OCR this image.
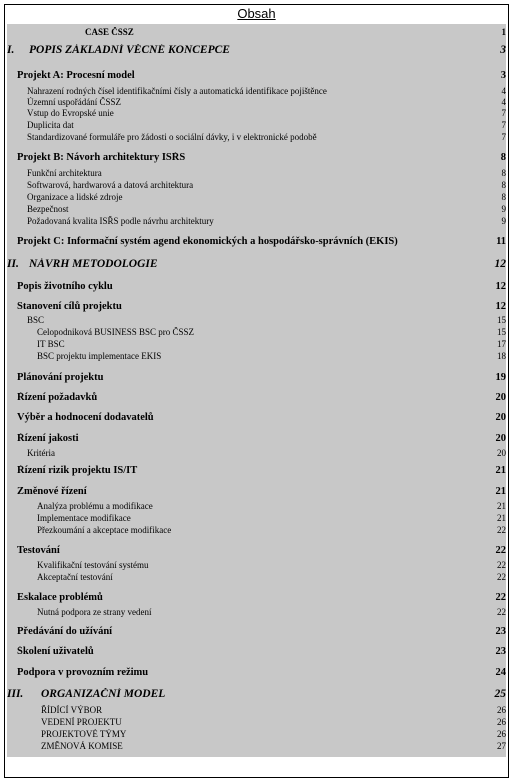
Obsah
CASE ČSSZ	1
I. POPIS ZÁKLADNÍ VĚCNÉ KONCEPCE	3
Projekt A: Procesní model	3
Nahrazení rodných čísel identifikačními čísly a automatická identifikace pojištěnce	4
Územní uspořádání ČSSZ	4
Vstup do Evropské unie	7
Duplicita dat	7
Standardizované formuláře pro žádosti o sociální dávky, i v elektronické podobě	7
Projekt B: Návorh architektury ISŘS	8
Funkční architektura	8
Softwarová, hardwarová a datová architektura	8
Organizace a lidské zdroje	8
Bezpečnost	9
Požadovaná kvalita ISŘS podle návrhu architektury	9
Projekt C: Informační systém agend ekonomických a hospodářsko-správních (EKIS)	11
II. NÁVRH METODOLOGIE	12
Popis životního cyklu	12
Stanovení cílů projektu	12
BSC	15
Celopodniková BUSINESS BSC pro ČSSZ	15
IT BSC	17
BSC projektu implementace EKIS	18
Plánování projektu	19
Řízení požadavků	20
Výběr a hodnocení dodavatelů	20
Řízení jakosti	20
Kritéria	20
Řízení rizik projektu IS/IT	21
Změnové řízení	21
Analýza problému a modifikace	21
Implementace modifikace	21
Přezkoumání a akceptace modifikace	22
Testování	22
Kvalifikační testování systému	22
Akceptační testování	22
Eskalace problémů	22
Nutná podpora ze strany vedení	22
Předávání do užívání	23
Školení uživatelů	23
Podpora v provozním režimu	24
III. ORGANIZAČNÍ MODEL	25
ŘÍDÍCÍ VÝBOR	26
VEDENÍ PROJEKTU	26
PROJEKTOVÉ TÝMY	26
ZMĚNOVÁ KOMISE	27
